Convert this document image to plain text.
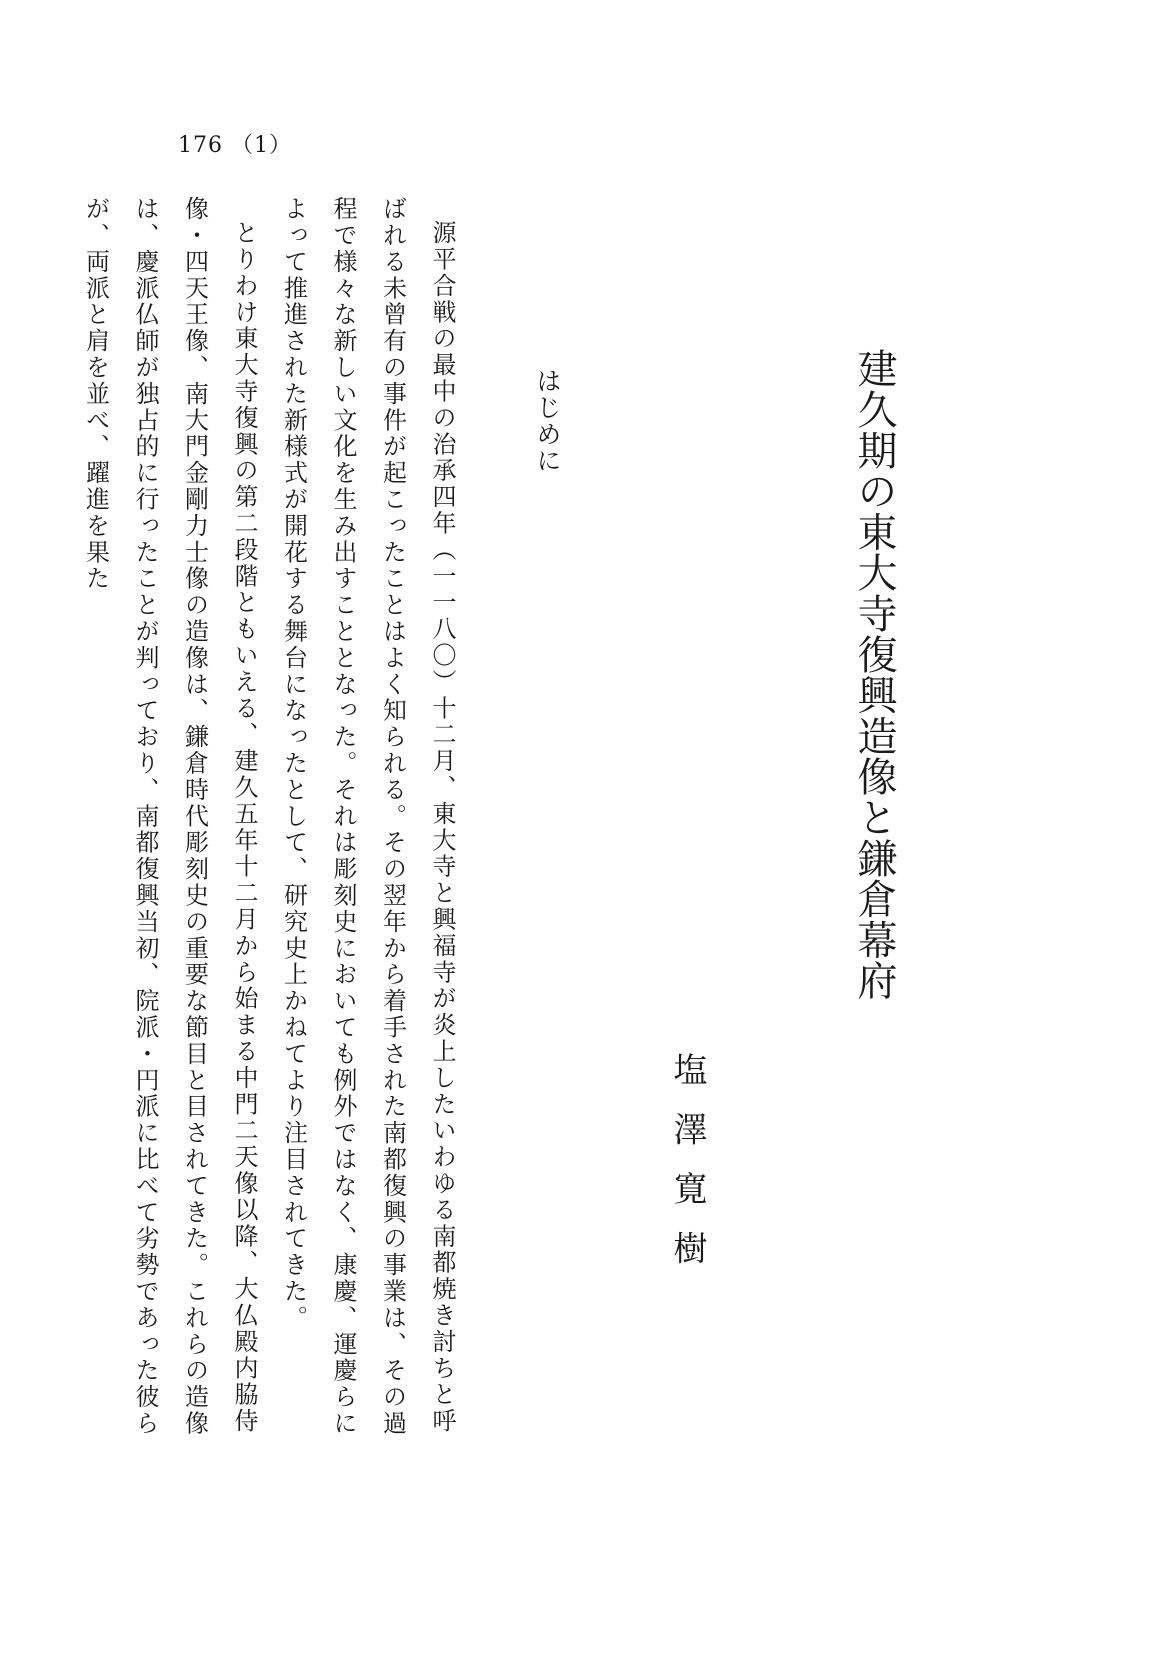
176 （1）
建久期の東大寺復興造像と鎌倉幕府
塩澤寛樹
はじめに

源平合戦の最中の治承四年（一一八〇）十二月、東大寺と興福寺が炎上したいわゆる南都焼き討ちと呼ばれる未曾有の事件が起こったことはよく知られる。その翌年から着手された南都復興の事業は、その過程で様々な新しい文化を生み出すこととなった。それは彫刻史においても例外ではなく、康慶、運慶らによって推進された新様式が開花する舞台になったとして、研究史上かねてより注目されてきた。

とりわけ東大寺復興の第二段階ともいえる、建久五年十二月から始まる中門二天像以降、大仏殿内脇侍像・四天王像、南大門金剛力士像の造像は、鎌倉時代彫刻史の重要な節目と目されてきた。これらの造像は、慶派仏師が独占的に行ったことが判っており、南都復興当初、院派・円派に比べて劣勢であった彼らが、両派と肩を並べ、躍進を果た
